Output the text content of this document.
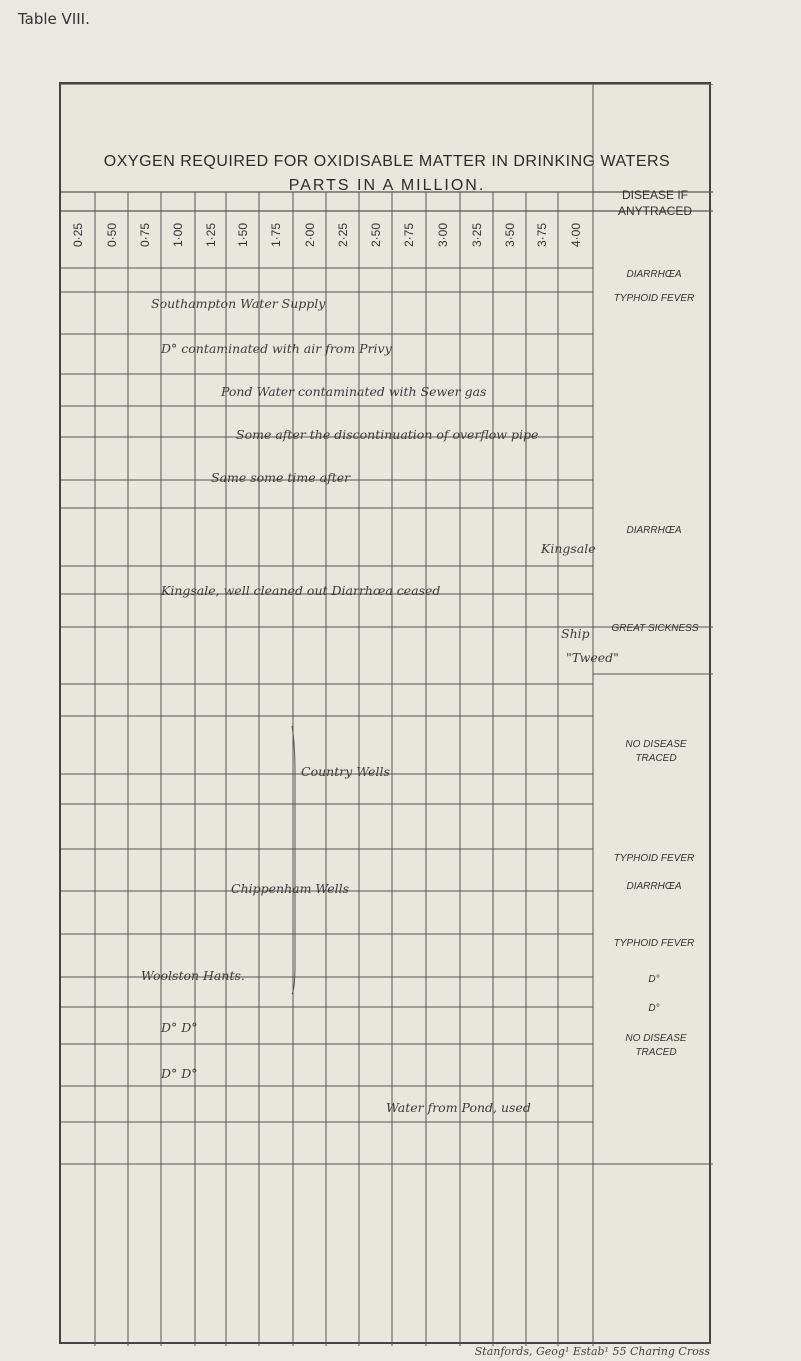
Table VIII.
OXYGEN REQUIRED FOR OXIDISABLE MATTER IN DRINKING WATERS
PARTS IN A MILLION.
DISEASE IF ANYTRACED
Southampton Water Supply
D° contaminated with air from Privy
Pond Water contaminated with Sewer gas
Some after the discontinuation of overflow pipe
Same some time after
Kingsale
Kingsale, well cleaned out Diarrhœa ceased
Ship
"Tweed"
Country Wells
Chippenham Wells
Woolston Hants.
D° D°
D° D°
Water from Pond, used
0·25 0·50 0·75 1·00 1·25 1·50 1·75 2·00 2·25 2·50 2·75 3·00 3·25 3·50 3·75 4·00
DIARRHŒA
TYPHOID FEVER
DIARRHŒA
GREAT SICKNESS
NO DISEASE TRACED
TYPHOID FEVER
DIARRHŒA
TYPHOID FEVER
D°
D°
NO DISEASE TRACED
Stanfords, Geog¹ Estab¹ 55 Charing Cross
